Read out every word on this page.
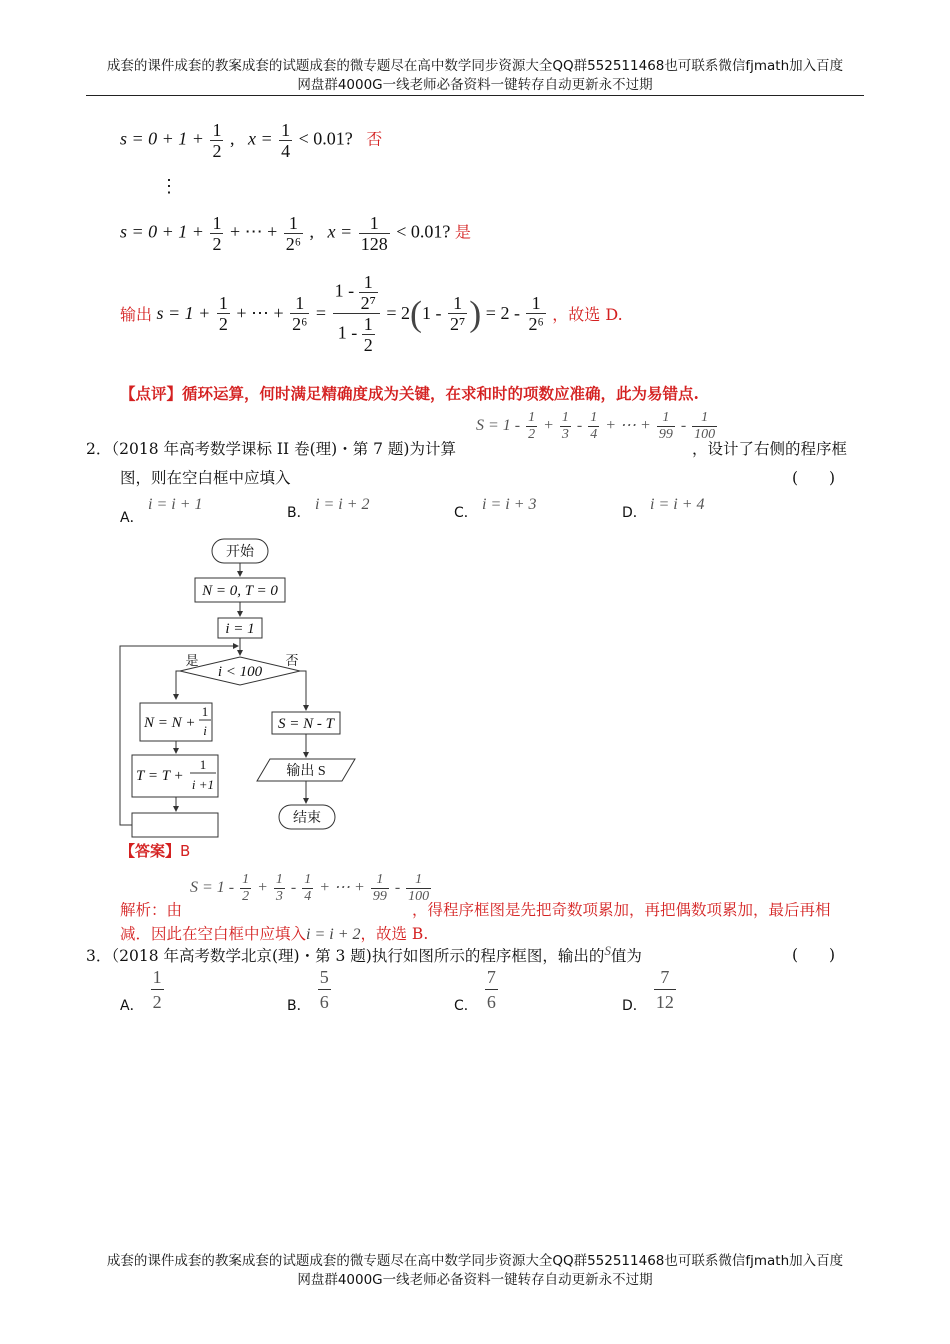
成套的课件成套的教案成套的试题成套的微专题尽在高中数学同步资源大全QQ群552511468也可联系微信fjmath加入百度
网盘群4000G一线老师必备资料一键转存自动更新永不过期
$s = 0 + 1 + \frac{1}{2}$ , $x = \frac{1}{4} < 0.01$? 否
⋮
$s = 0 + 1 + \frac{1}{2}$ + ⋯ + $\frac{1}{\text{2⁶}}$ , $x = \frac{1}{128} < 0.01$? 是
输出 $s = 1 + \frac{1}{2}$ + ⋯ + $\frac{1}{\text{2⁶}} = \frac{1 - \frac{1}{\text{2⁷}}}{1 - \frac{1}{2}} = 2(1 - \frac{1}{\text{2⁷}}$ ) = $2 - \frac{1}{\text{2⁶}}$ ，故选 D.
【点评】循环运算，何时满足精确度成为关键，在求和时的项数应准确，此为易错点.
2．（2018 年高考数学课标 II 卷(理)・第 7 题)为计算
$S = 1 - \frac{1}{2} + \frac{1}{3} - \frac{1}{4}$ + ⋯ + $\frac{1}{99} - \frac{1}{100}$
，设计了右侧的程序框
图，则在空白框中应填入	(　　)
A．
i = i + 1	B． i = i + 2	C． i = i + 3	D． i = i + 4
开始
N = 0, T = 0
i = 1
i < 100
是	否
N = N +
1
i
T = T +
1
i +1
S = N - T
输出 S
结束
【答案】B
$S = 1 - \frac{1}{2} + \frac{1}{3} - \frac{1}{4}$ + ⋯ + $\frac{1}{99} - \frac{1}{100}$
解析：由	，得程序框图是先把奇数项累加，再把偶数项累加，最后再相
减．因此在空白框中应填入i = i + 2，故选 B.
3．（2018 年高考数学北京(理)・第 3 题)执行如图所示的程序框图，输出的$^S$值为	(　　)
A． $\frac{1}{2}$	B． $\frac{5}{6}$	C． $\frac{7}{6}$	D． $\frac{7}{12}$
成套的课件成套的教案成套的试题成套的微专题尽在高中数学同步资源大全QQ群552511468也可联系微信fjmath加入百度
网盘群4000G一线老师必备资料一键转存自动更新永不过期
